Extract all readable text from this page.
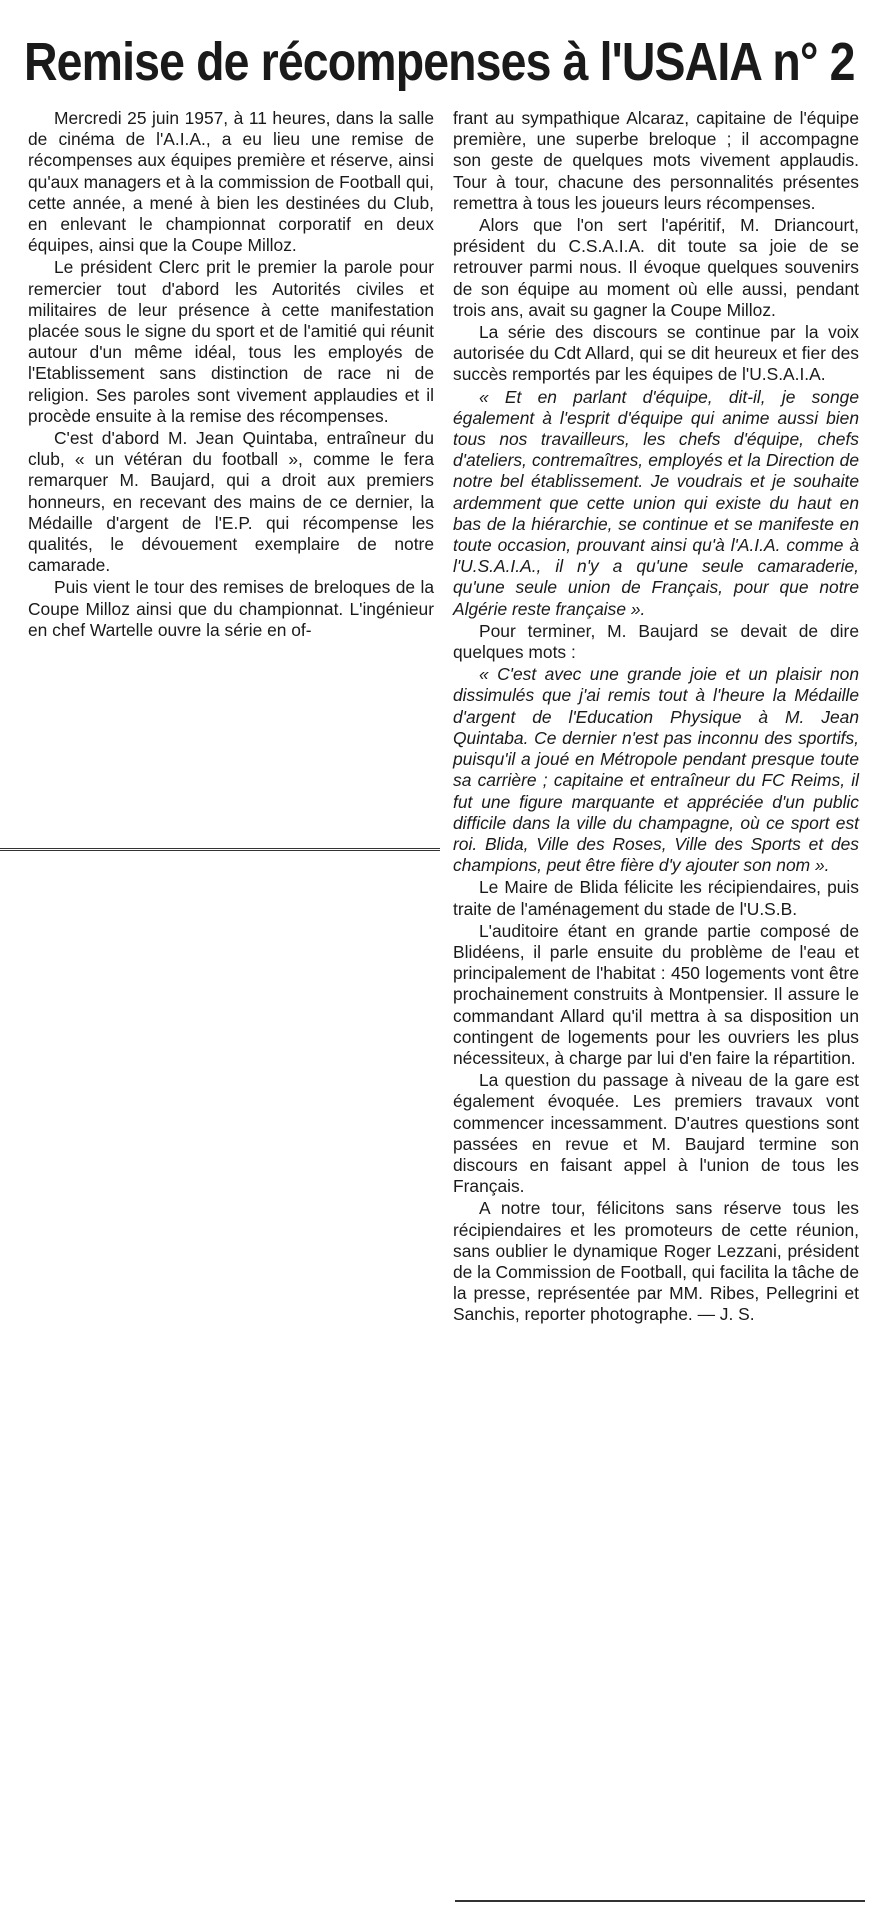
Remise de récompenses à l'USAIA n° 2

Mercredi 25 juin 1957, à 11 heures, dans la salle de cinéma de l'A.I.A., a eu lieu une remise de récompenses aux équipes première et réserve, ainsi qu'aux managers et à la commission de Football qui, cette année, a mené à bien les destinées du Club, en enlevant le championnat corporatif en deux équipes, ainsi que la Coupe Milloz.

Le président Clerc prit le premier la parole pour remercier tout d'abord les Autorités civiles et militaires de leur présence à cette manifestation placée sous le signe du sport et de l'amitié qui réunit autour d'un même idéal, tous les employés de l'Etablissement sans distinction de race ni de religion. Ses paroles sont vivement applaudies et il procède ensuite à la remise des récompenses.

C'est d'abord M. Jean Quintaba, entraîneur du club, « un vétéran du football », comme le fera remarquer M. Baujard, qui a droit aux premiers honneurs, en recevant des mains de ce dernier, la Médaille d'argent de l'E.P. qui récompense les qualités, le dévouement exemplaire de notre camarade.

Puis vient le tour des remises de breloques de la Coupe Milloz ainsi que du championnat. L'ingénieur en chef Wartelle ouvre la série en of-

frant au sympathique Alcaraz, capitaine de l'équipe première, une superbe breloque ; il accompagne son geste de quelques mots vivement applaudis. Tour à tour, chacune des personnalités présentes remettra à tous les joueurs leurs récompenses.

Alors que l'on sert l'apéritif, M. Driancourt, président du C.S.A.I.A. dit toute sa joie de se retrouver parmi nous. Il évoque quelques souvenirs de son équipe au moment où elle aussi, pendant trois ans, avait su gagner la Coupe Milloz.

La série des discours se continue par la voix autorisée du Cdt Allard, qui se dit heureux et fier des succès remportés par les équipes de l'U.S.A.I.A.

« Et en parlant d'équipe, dit-il, je songe également à l'esprit d'équipe qui anime aussi bien tous nos travailleurs, les chefs d'équipe, chefs d'ateliers, contremaîtres, employés et la Direction de notre bel établissement. Je voudrais et je souhaite ardemment que cette union qui existe du haut en bas de la hiérarchie, se continue et se manifeste en toute occasion, prouvant ainsi qu'à l'A.I.A. comme à l'U.S.A.I.A., il n'y a qu'une seule camaraderie, qu'une seule union de Français, pour que notre Algérie reste française ».

Pour terminer, M. Baujard se devait de dire quelques mots :

« C'est avec une grande joie et un plaisir non dissimulés que j'ai remis tout à l'heure la Médaille d'argent de l'Education Physique à M. Jean Quintaba. Ce dernier n'est pas inconnu des sportifs, puisqu'il a joué en Métropole pendant presque toute sa carrière ; capitaine et entraîneur du FC Reims, il fut une figure marquante et appréciée d'un public difficile dans la ville du champagne, où ce sport est roi. Blida, Ville des Roses, Ville des Sports et des champions, peut être fière d'y ajouter son nom ».

Le Maire de Blida félicite les récipiendaires, puis traite de l'aménagement du stade de l'U.S.B.

L'auditoire étant en grande partie composé de Blidéens, il parle ensuite du problème de l'eau et principalement de l'habitat : 450 logements vont être prochainement construits à Montpensier. Il assure le commandant Allard qu'il mettra à sa disposition un contingent de logements pour les ouvriers les plus nécessiteux, à charge par lui d'en faire la répartition.

La question du passage à niveau de la gare est également évoquée. Les premiers travaux vont commencer incessamment. D'autres questions sont passées en revue et M. Baujard termine son discours en faisant appel à l'union de tous les Français.

A notre tour, félicitons sans réserve tous les récipiendaires et les promoteurs de cette réunion, sans oublier le dynamique Roger Lezzani, président de la Commission de Football, qui facilita la tâche de la presse, représentée par MM. Ribes, Pellegrini et Sanchis, reporter photographe. — J. S.
